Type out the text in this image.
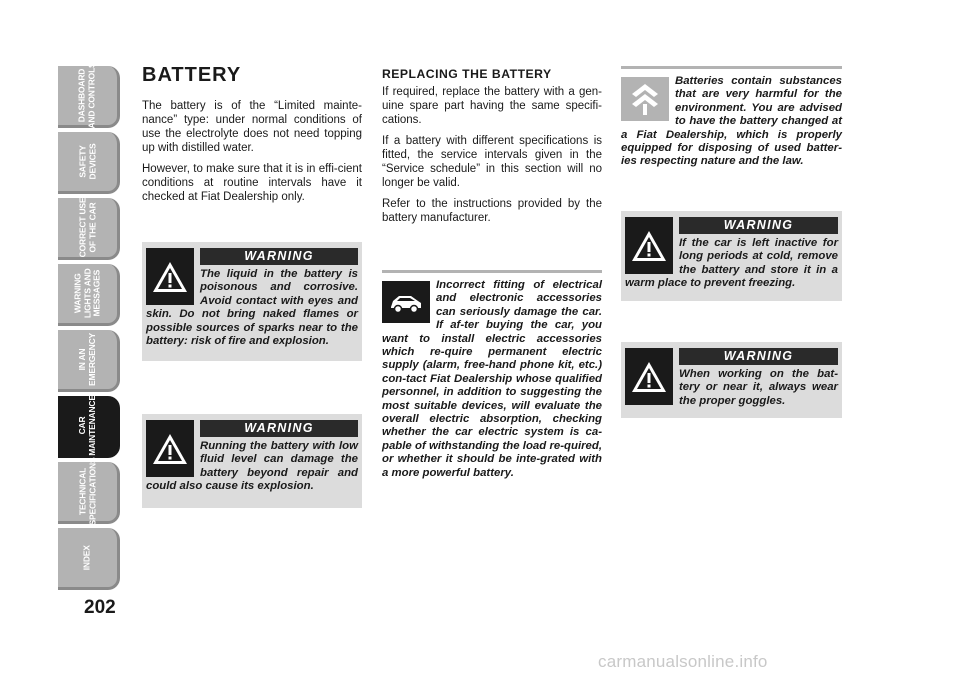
DASHBOARD AND CONTROLS
SAFETY DEVICES
CORRECT USE OF THE CAR
WARNING LIGHTS AND MESSAGES
IN AN EMERGENCY
CAR MAINTENANCE
TECHNICAL SPECIFICATIONS
INDEX
202
BATTERY

The battery is of the “Limited mainte-nance” type: under normal conditions of use the electrolyte does not need topping up with distilled water.

However, to make sure that it is in effi-cient conditions at routine intervals have it checked at Fiat Dealership only.

WARNING

The liquid in the battery is poisonous and corrosive. Avoid contact with eyes and skin. Do not bring naked flames or possible sources of sparks near to the battery: risk of fire and explosion.

WARNING

Running the battery with low fluid level can damage the battery beyond repair and could also cause its explosion.

REPLACING THE BATTERY

If required, replace the battery with a gen-uine spare part having the same specifi-cations.

If a battery with different specifications is fitted, the service intervals given in the “Service schedule” in this section will no longer be valid.

Refer to the instructions provided by the battery manufacturer.

Incorrect fitting of electrical and electronic accessories can seriously damage the car. If af-ter buying the car, you want to install electric accessories which re-quire permanent electric supply (alarm, free-hand phone kit, etc.) con-tact Fiat Dealership whose qualified personnel, in addition to suggesting the most suitable devices, will evaluate the overall electric absorption, checking whether the car electric system is ca-pable of withstanding the load re-quired, or whether it should be inte-grated with a more powerful battery.

Batteries contain substances that are very harmful for the environment. You are advised to have the battery changed at a Fiat Dealership, which is properly equipped for disposing of used batter-ies respecting nature and the law.

WARNING

If the car is left inactive for long periods at cold, remove the battery and store it in a warm place to prevent freezing.

WARNING

When working on the bat-tery or near it, always wear the proper goggles.

carmanualsonline.info
